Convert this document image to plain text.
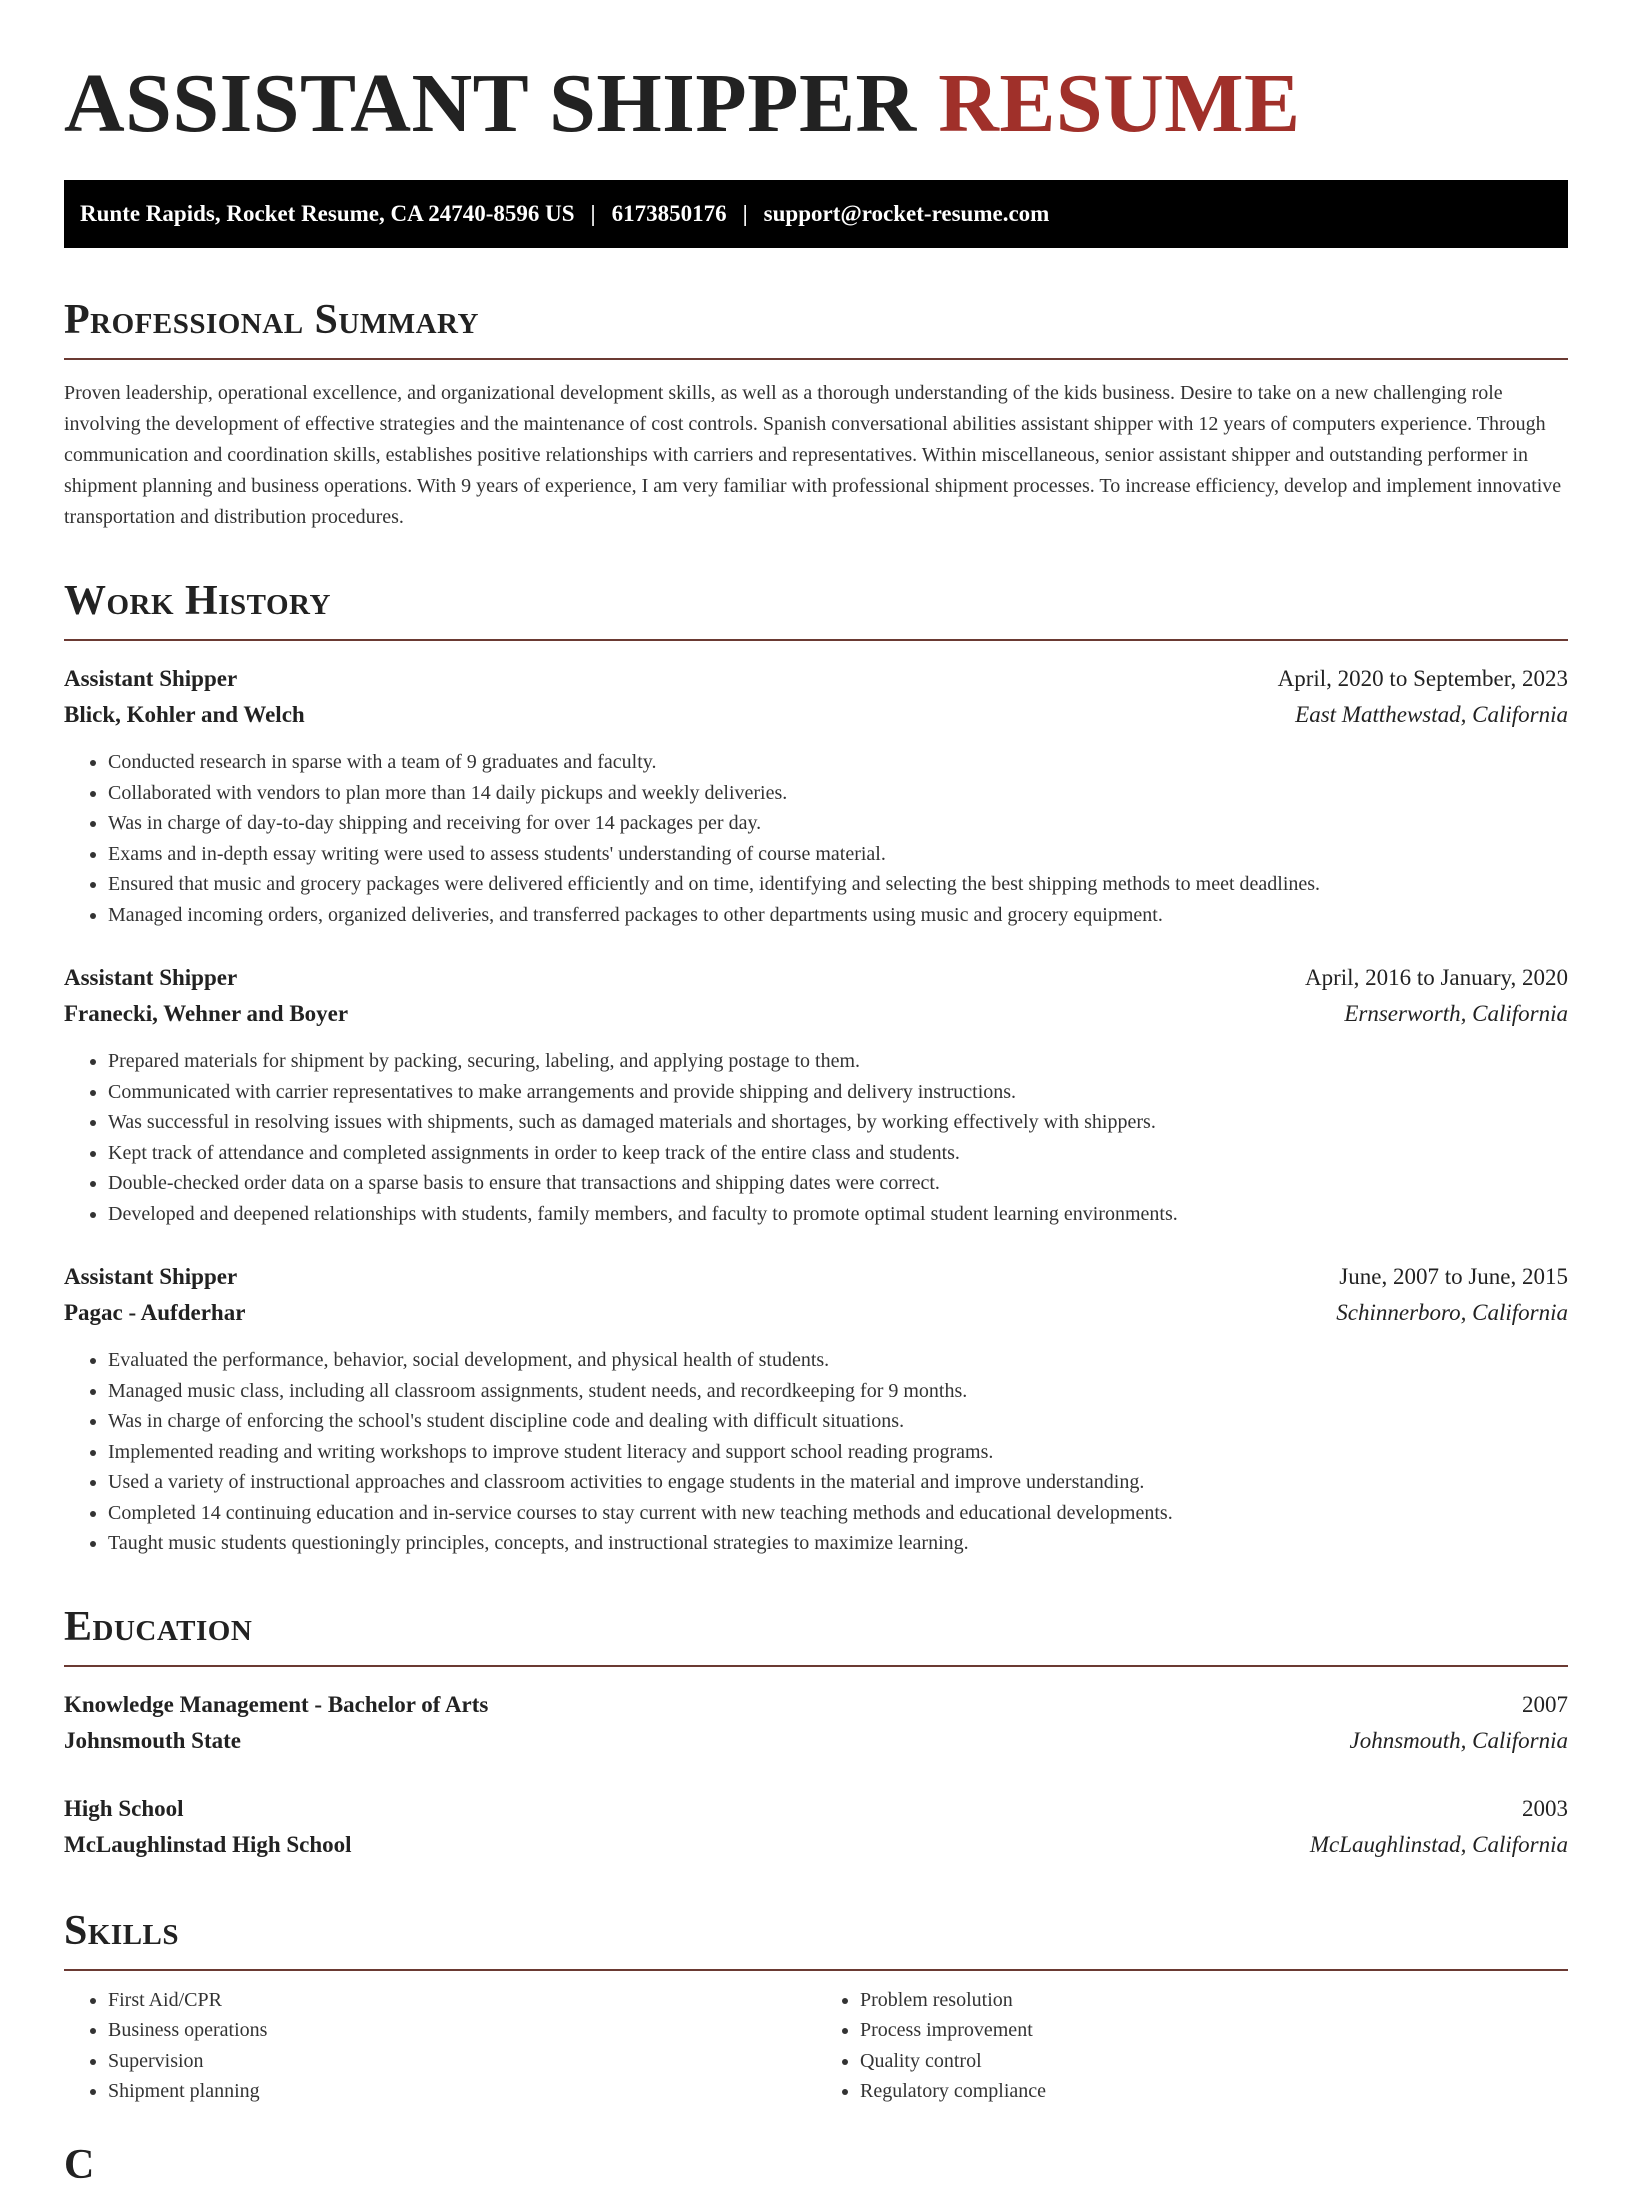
ASSISTANT SHIPPER RESUME
Runte Rapids, Rocket Resume, CA 24740-8596 US | 6173850176 | support@rocket-resume.com
Professional Summary

Proven leadership, operational excellence, and organizational development skills, as well as a thorough understanding of the kids business. Desire to take on a new challenging role involving the development of effective strategies and the maintenance of cost controls. Spanish conversational abilities assistant shipper with 12 years of computers experience. Through communication and coordination skills, establishes positive relationships with carriers and representatives. Within miscellaneous, senior assistant shipper and outstanding performer in shipment planning and business operations. With 9 years of experience, I am very familiar with professional shipment processes. To increase efficiency, develop and implement innovative transportation and distribution procedures.

Work History
Assistant Shipper	April, 2020 to September, 2023
Blick, Kohler and Welch	East Matthewstad, California
• Conducted research in sparse with a team of 9 graduates and faculty.
• Collaborated with vendors to plan more than 14 daily pickups and weekly deliveries.
• Was in charge of day-to-day shipping and receiving for over 14 packages per day.
• Exams and in-depth essay writing were used to assess students' understanding of course material.
• Ensured that music and grocery packages were delivered efficiently and on time, identifying and selecting the best shipping methods to meet deadlines.
• Managed incoming orders, organized deliveries, and transferred packages to other departments using music and grocery equipment.
Assistant Shipper	April, 2016 to January, 2020
Franecki, Wehner and Boyer	Ernserworth, California
• Prepared materials for shipment by packing, securing, labeling, and applying postage to them.
• Communicated with carrier representatives to make arrangements and provide shipping and delivery instructions.
• Was successful in resolving issues with shipments, such as damaged materials and shortages, by working effectively with shippers.
• Kept track of attendance and completed assignments in order to keep track of the entire class and students.
• Double-checked order data on a sparse basis to ensure that transactions and shipping dates were correct.
• Developed and deepened relationships with students, family members, and faculty to promote optimal student learning environments.
Assistant Shipper	June, 2007 to June, 2015
Pagac - Aufderhar	Schinnerboro, California
• Evaluated the performance, behavior, social development, and physical health of students.
• Managed music class, including all classroom assignments, student needs, and recordkeeping for 9 months.
• Was in charge of enforcing the school's student discipline code and dealing with difficult situations.
• Implemented reading and writing workshops to improve student literacy and support school reading programs.
• Used a variety of instructional approaches and classroom activities to engage students in the material and improve understanding.
• Completed 14 continuing education and in-service courses to stay current with new teaching methods and educational developments.
• Taught music students questioningly principles, concepts, and instructional strategies to maximize learning.
Education
Knowledge Management - Bachelor of Arts	2007
Johnsmouth State	Johnsmouth, California
High School	2003
McLaughlinstad High School	McLaughlinstad, California
Skills
• First Aid/CPR
• Business operations
• Supervision
• Shipment planning
• Problem resolution
• Process improvement
• Quality control
• Regulatory compliance
C
